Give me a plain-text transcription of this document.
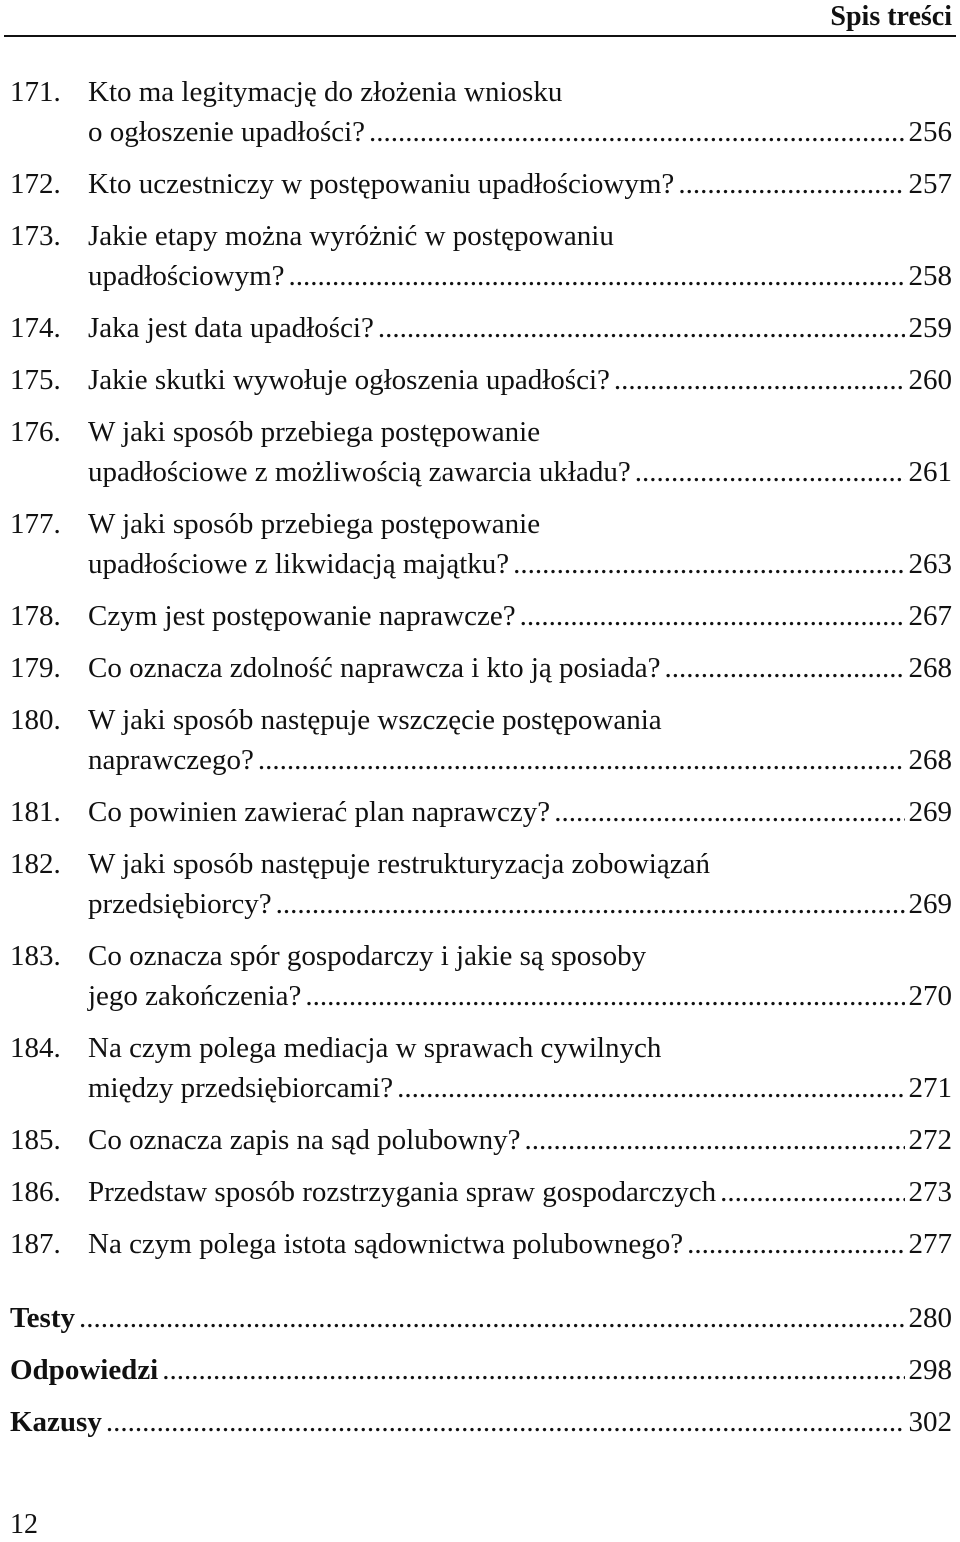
Spis treści
171. Kto ma legitymację do złożenia wniosku
o ogłoszenie upadłości? .....	256
172. Kto uczestniczy w postępowaniu upadłościowym? .....	257
173. Jakie etapy można wyróżnić w postępowaniu
upadłościowym? .....	258
174. Jaka jest data upadłości? .....	259
175. Jakie skutki wywołuje ogłoszenia upadłości? .....	260
176. W jaki sposób przebiega postępowanie
upadłościowe z możliwością zawarcia układu? .....	261
177. W jaki sposób przebiega postępowanie
upadłościowe z likwidacją majątku? .....	263
178. Czym jest postępowanie naprawcze? .....	267
179. Co oznacza zdolność naprawcza i kto ją posiada? .....	268
180. W jaki sposób następuje wszczęcie postępowania
naprawczego? .....	268
181. Co powinien zawierać plan naprawczy? .....	269
182. W jaki sposób następuje restrukturyzacja zobowiązań
przedsiębiorcy? .....	269
183. Co oznacza spór gospodarczy i jakie są sposoby
jego zakończenia? .....	270
184. Na czym polega mediacja w sprawach cywilnych
między przedsiębiorcami? .....	271
185. Co oznacza zapis na sąd polubowny? .....	272
186. Przedstaw sposób rozstrzygania spraw gospodarczych .....	273
187. Na czym polega istota sądownictwa polubownego? .....	277
Testy .....	280
Odpowiedzi .....	298
Kazusy .....	302
12
